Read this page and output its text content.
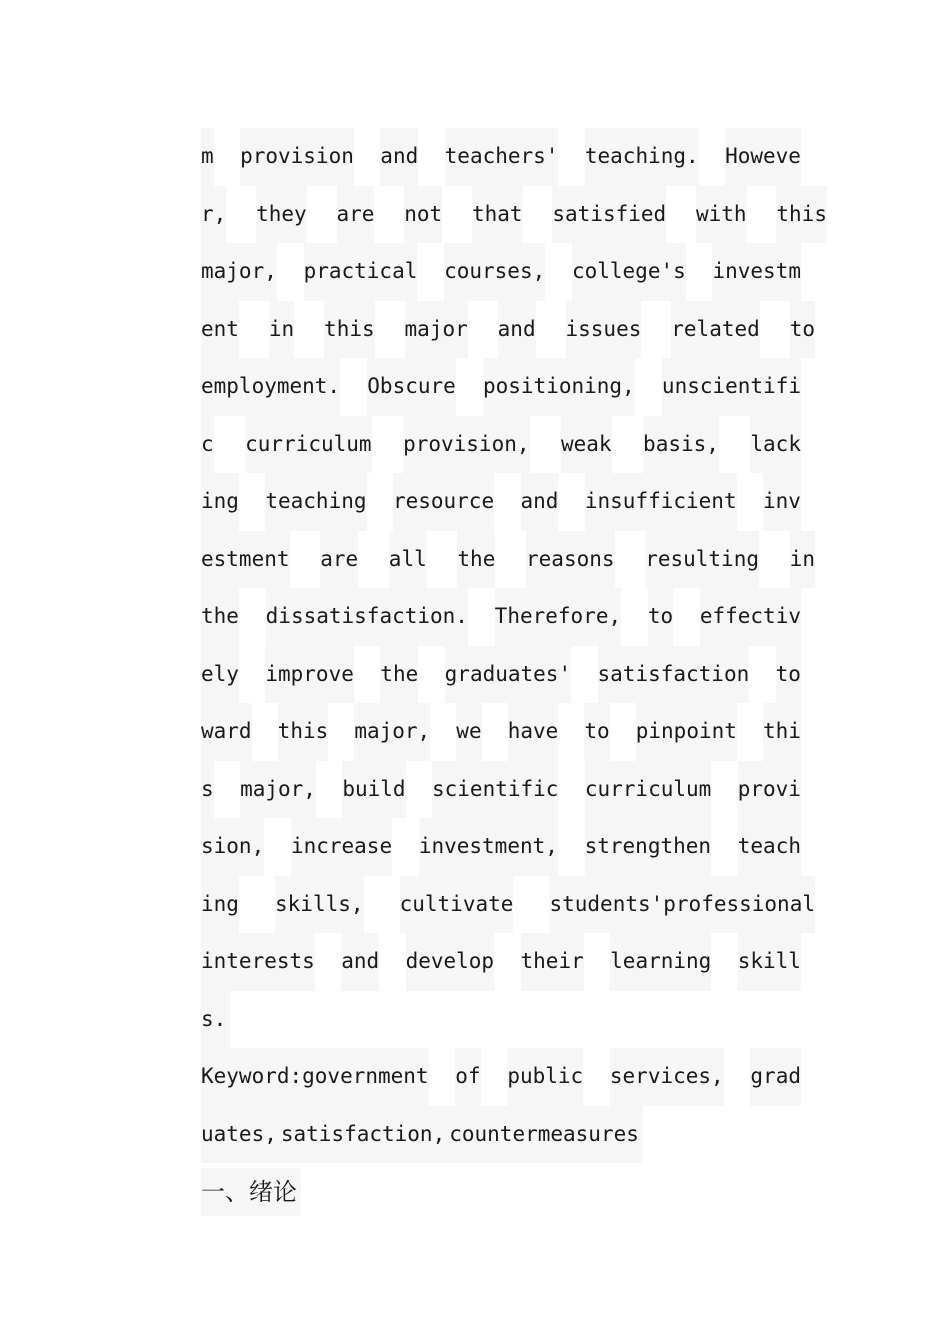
m provision and teachers' teaching. Howeve
r, they are not that satisfied with this
major, practical courses, college's investm
ent in this major and issues related to
employment. Obscure positioning, unscientifi
c curriculum provision, weak basis, lack
ing teaching resource and insufficient inv
estment are all the reasons resulting in
the dissatisfaction. Therefore, to effectiv
ely improve the graduates' satisfaction to
ward this major, we have to pinpoint thi
s major, build scientific curriculum provi
sion, increase investment, strengthen teach
ing skills, cultivate students'professional
interests and develop their learning skill
s.
Keyword:government of public services, grad
uates, satisfaction, countermeasures
一、绪论
